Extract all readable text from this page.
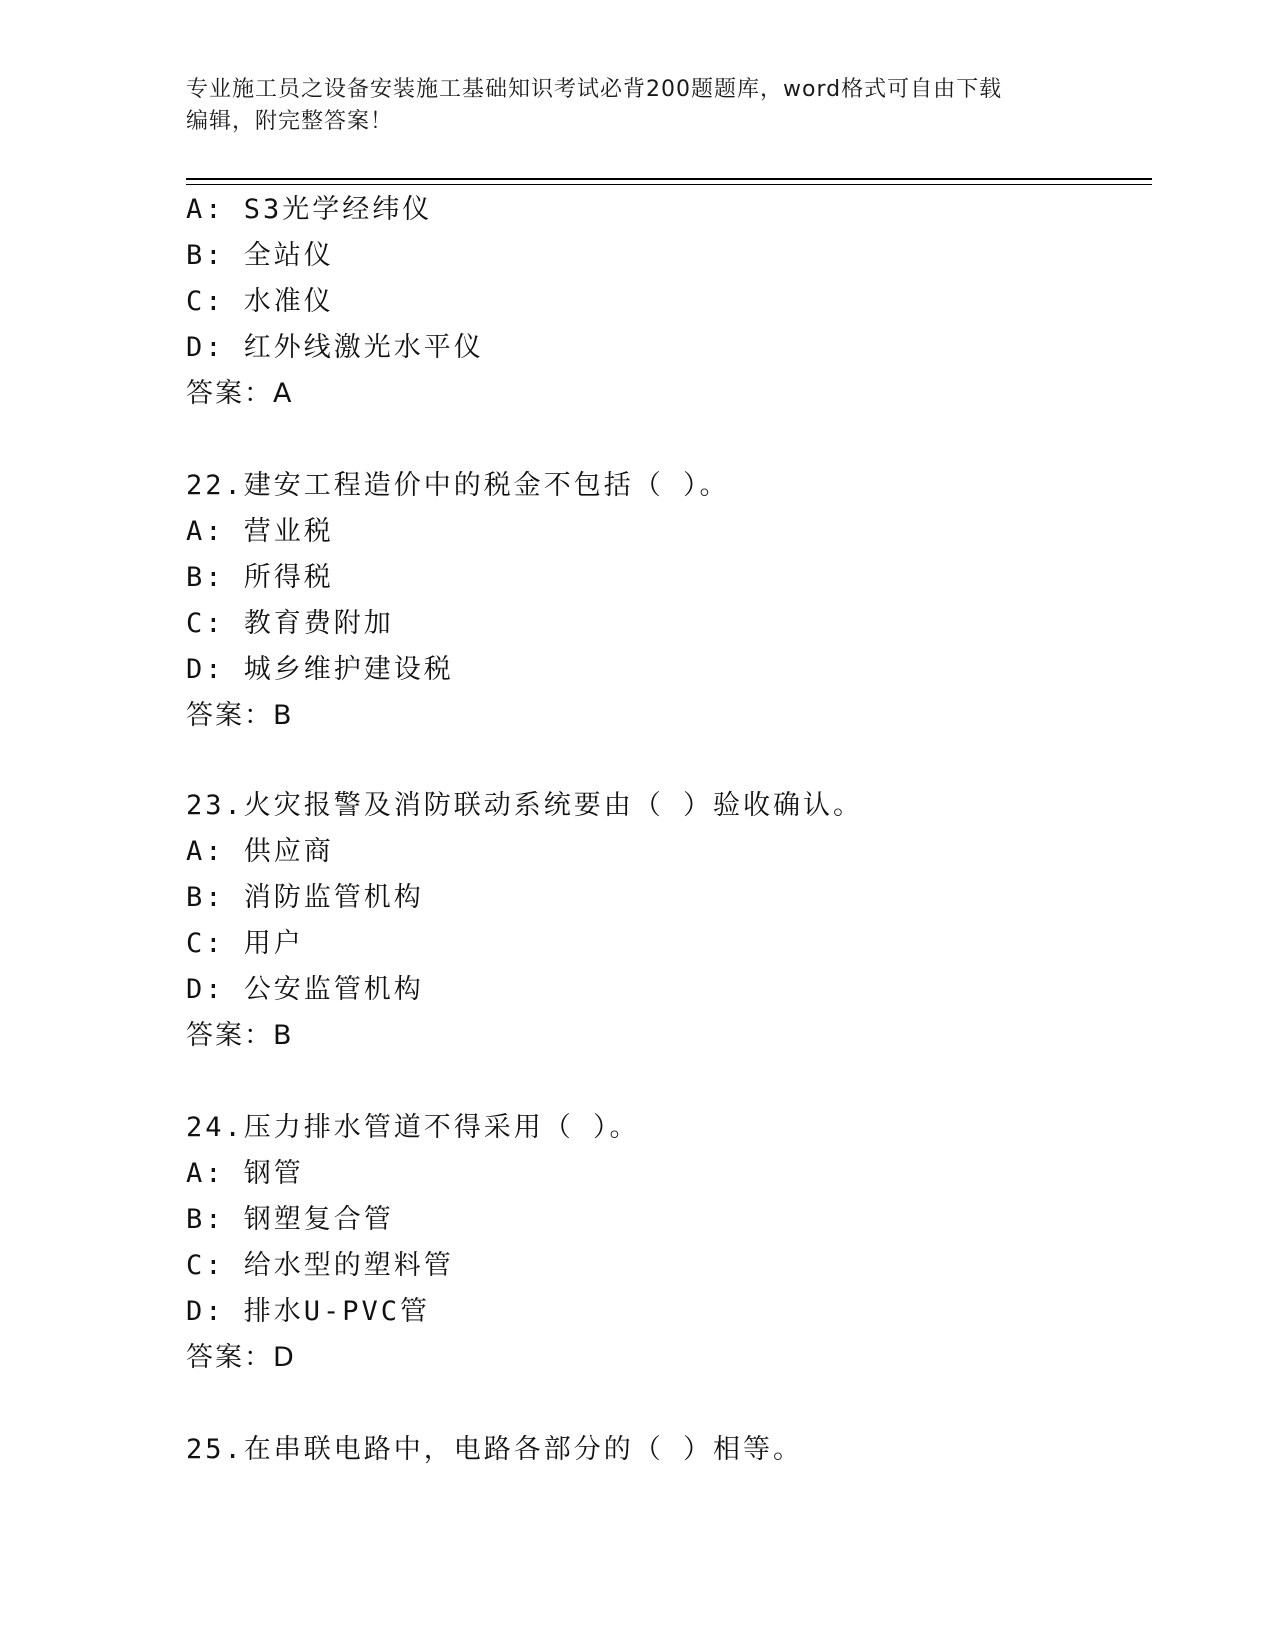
专业施工员之设备安装施工基础知识考试必背200题题库，word格式可自由下载
编辑，附完整答案！
A: S3光学经纬仪
B: 全站仪
C: 水准仪
D: 红外线激光水平仪
答案：A
22.建安工程造价中的税金不包括（ ）。
A: 营业税
B: 所得税
C: 教育费附加
D: 城乡维护建设税
答案：B
23.火灾报警及消防联动系统要由（ ）验收确认。
A: 供应商
B: 消防监管机构
C: 用户
D: 公安监管机构
答案：B
24.压力排水管道不得采用（ ）。
A: 钢管
B: 钢塑复合管
C: 给水型的塑料管
D: 排水U-PVC管
答案：D
25.在串联电路中，电路各部分的（ ）相等。
